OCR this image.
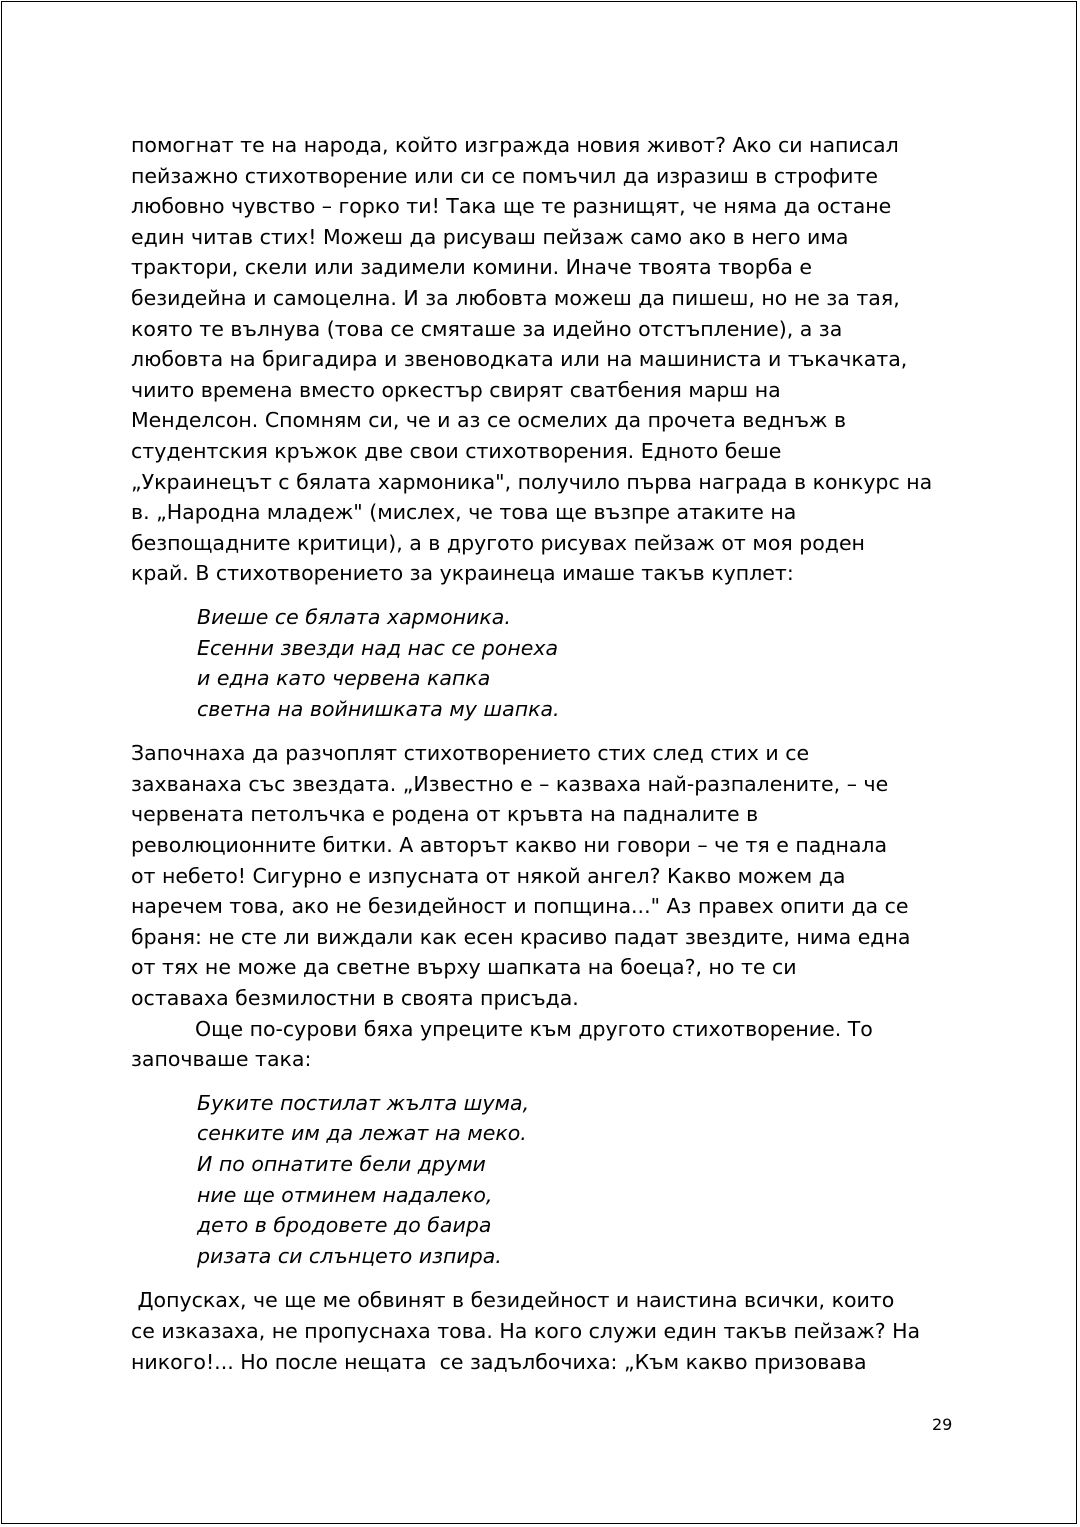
помогнат те на народа, който изгражда новия живот? Ако си написал
пейзажно стихотворение или си се помъчил да изразиш в строфите
любовно чувство – горко ти! Така ще те разнищят, че няма да остане
един читав стих! Можеш да рисуваш пейзаж само ако в него има
трактори, скели или задимели комини. Иначе твоята творба е
безидейна и самоцелна. И за любовта можеш да пишеш, но не за тая,
която те вълнува (това се смяташе за идейно отстъпление), а за
любовта на бригадира и звеноводката или на машиниста и тъкачката,
чиито времена вместо оркестър свирят сватбения марш на
Менделсон. Спомням си, че и аз се осмелих да прочета веднъж в
студентския кръжок две свои стихотворения. Едното беше
„Украинецът с бялата хармоника", получило първа награда в конкурс на
в. „Народна младеж" (мислех, че това ще възпре атаките на
безпощадните критици), а в другото рисувах пейзаж от моя роден
край. В стихотворението за украинеца имаше такъв куплет:

Виеше се бялата хармоника.
Есенни звезди над нас се ронеха
и една като червена капка
светна на войнишката му шапка.

Започнаха да разчоплят стихотворението стих след стих и се
захванаха със звездата. „Известно е – казваха най-разпалените, – че
червената петолъчка е родена от кръвта на падналите в
революционните битки. А авторът какво ни говори – че тя е паднала
от небето! Сигурно е изпусната от някой ангел? Какво можем да
наречем това, ако не безидейност и попщина..." Аз правех опити да се
браня: не сте ли виждали как есен красиво падат звездите, нима една
от тях не може да светне върху шапката на боеца?, но те си
оставаха безмилостни в своята присъда.

Още по-сурови бяха упреците към другото стихотворение. То
започваше така:

Буките постилат жълта шума,
сенките им да лежат на меко.
И по опнатите бели друми
ние ще отминем надалеко,
дето в бродовете до баира
ризата си слънцето изпира.

Допусках, че ще ме обвинят в безидейност и наистина всички, които
се изказаха, не пропуснаха това. На кого служи един такъв пейзаж? На
никого!... Но после нещата  се задълбочиха: „Към какво призовава

29
